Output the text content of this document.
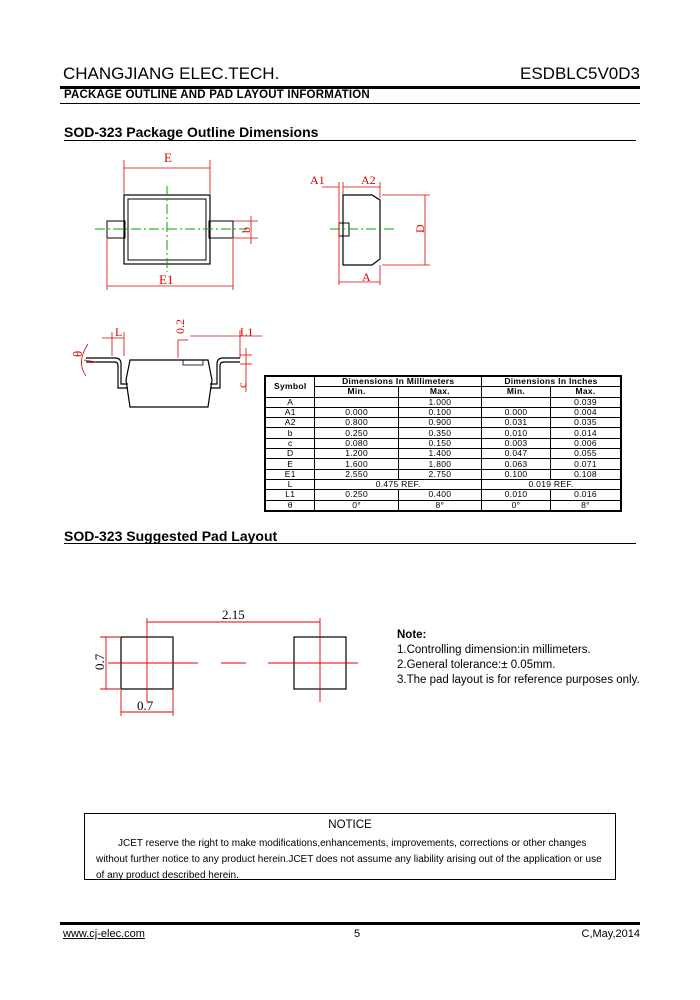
CHANGJIANG ELEC.TECH.	ESDBLC5V0D3
PACKAGE OUTLINE AND PAD LAYOUT INFORMATION
SOD-323 Package Outline Dimensions
E
E1
b
A1	A2
A
D
L	L1
0.2
c
θ
Symbol	Dimensions In Millimeters		Dimensions In Inches	
	Min.	Max.	Min.	Max.
A		1.000		0.039
A1	0.000	0.100	0.000	0.004
A2	0.800	0.900	0.031	0.035
b	0.250	0.350	0.010	0.014
c	0.080	0.150	0.003	0.006
D	1.200	1.400	0.047	0.055
E	1.600	1.800	0.063	0.071
E1	2.550	2.750	0.100	0.108
L	0.475 REF.		0.019 REF.	
L1	0.250	0.400	0.010	0.016
θ	0°	8°	0°	8°
SOD-323 Suggested Pad Layout
2.15
0.7
0.7
Note:
1.Controlling dimension:in millimeters.
2.General tolerance:± 0.05mm.
3.The pad layout is for reference purposes only.
NOTICE
JCET reserve the right to make modifications,enhancements, improvements, corrections or other changes without further notice to any product herein.JCET does not assume any liability arising out of the application or use of any product described herein.
www.cj-elec.com	5	C,May,2014
